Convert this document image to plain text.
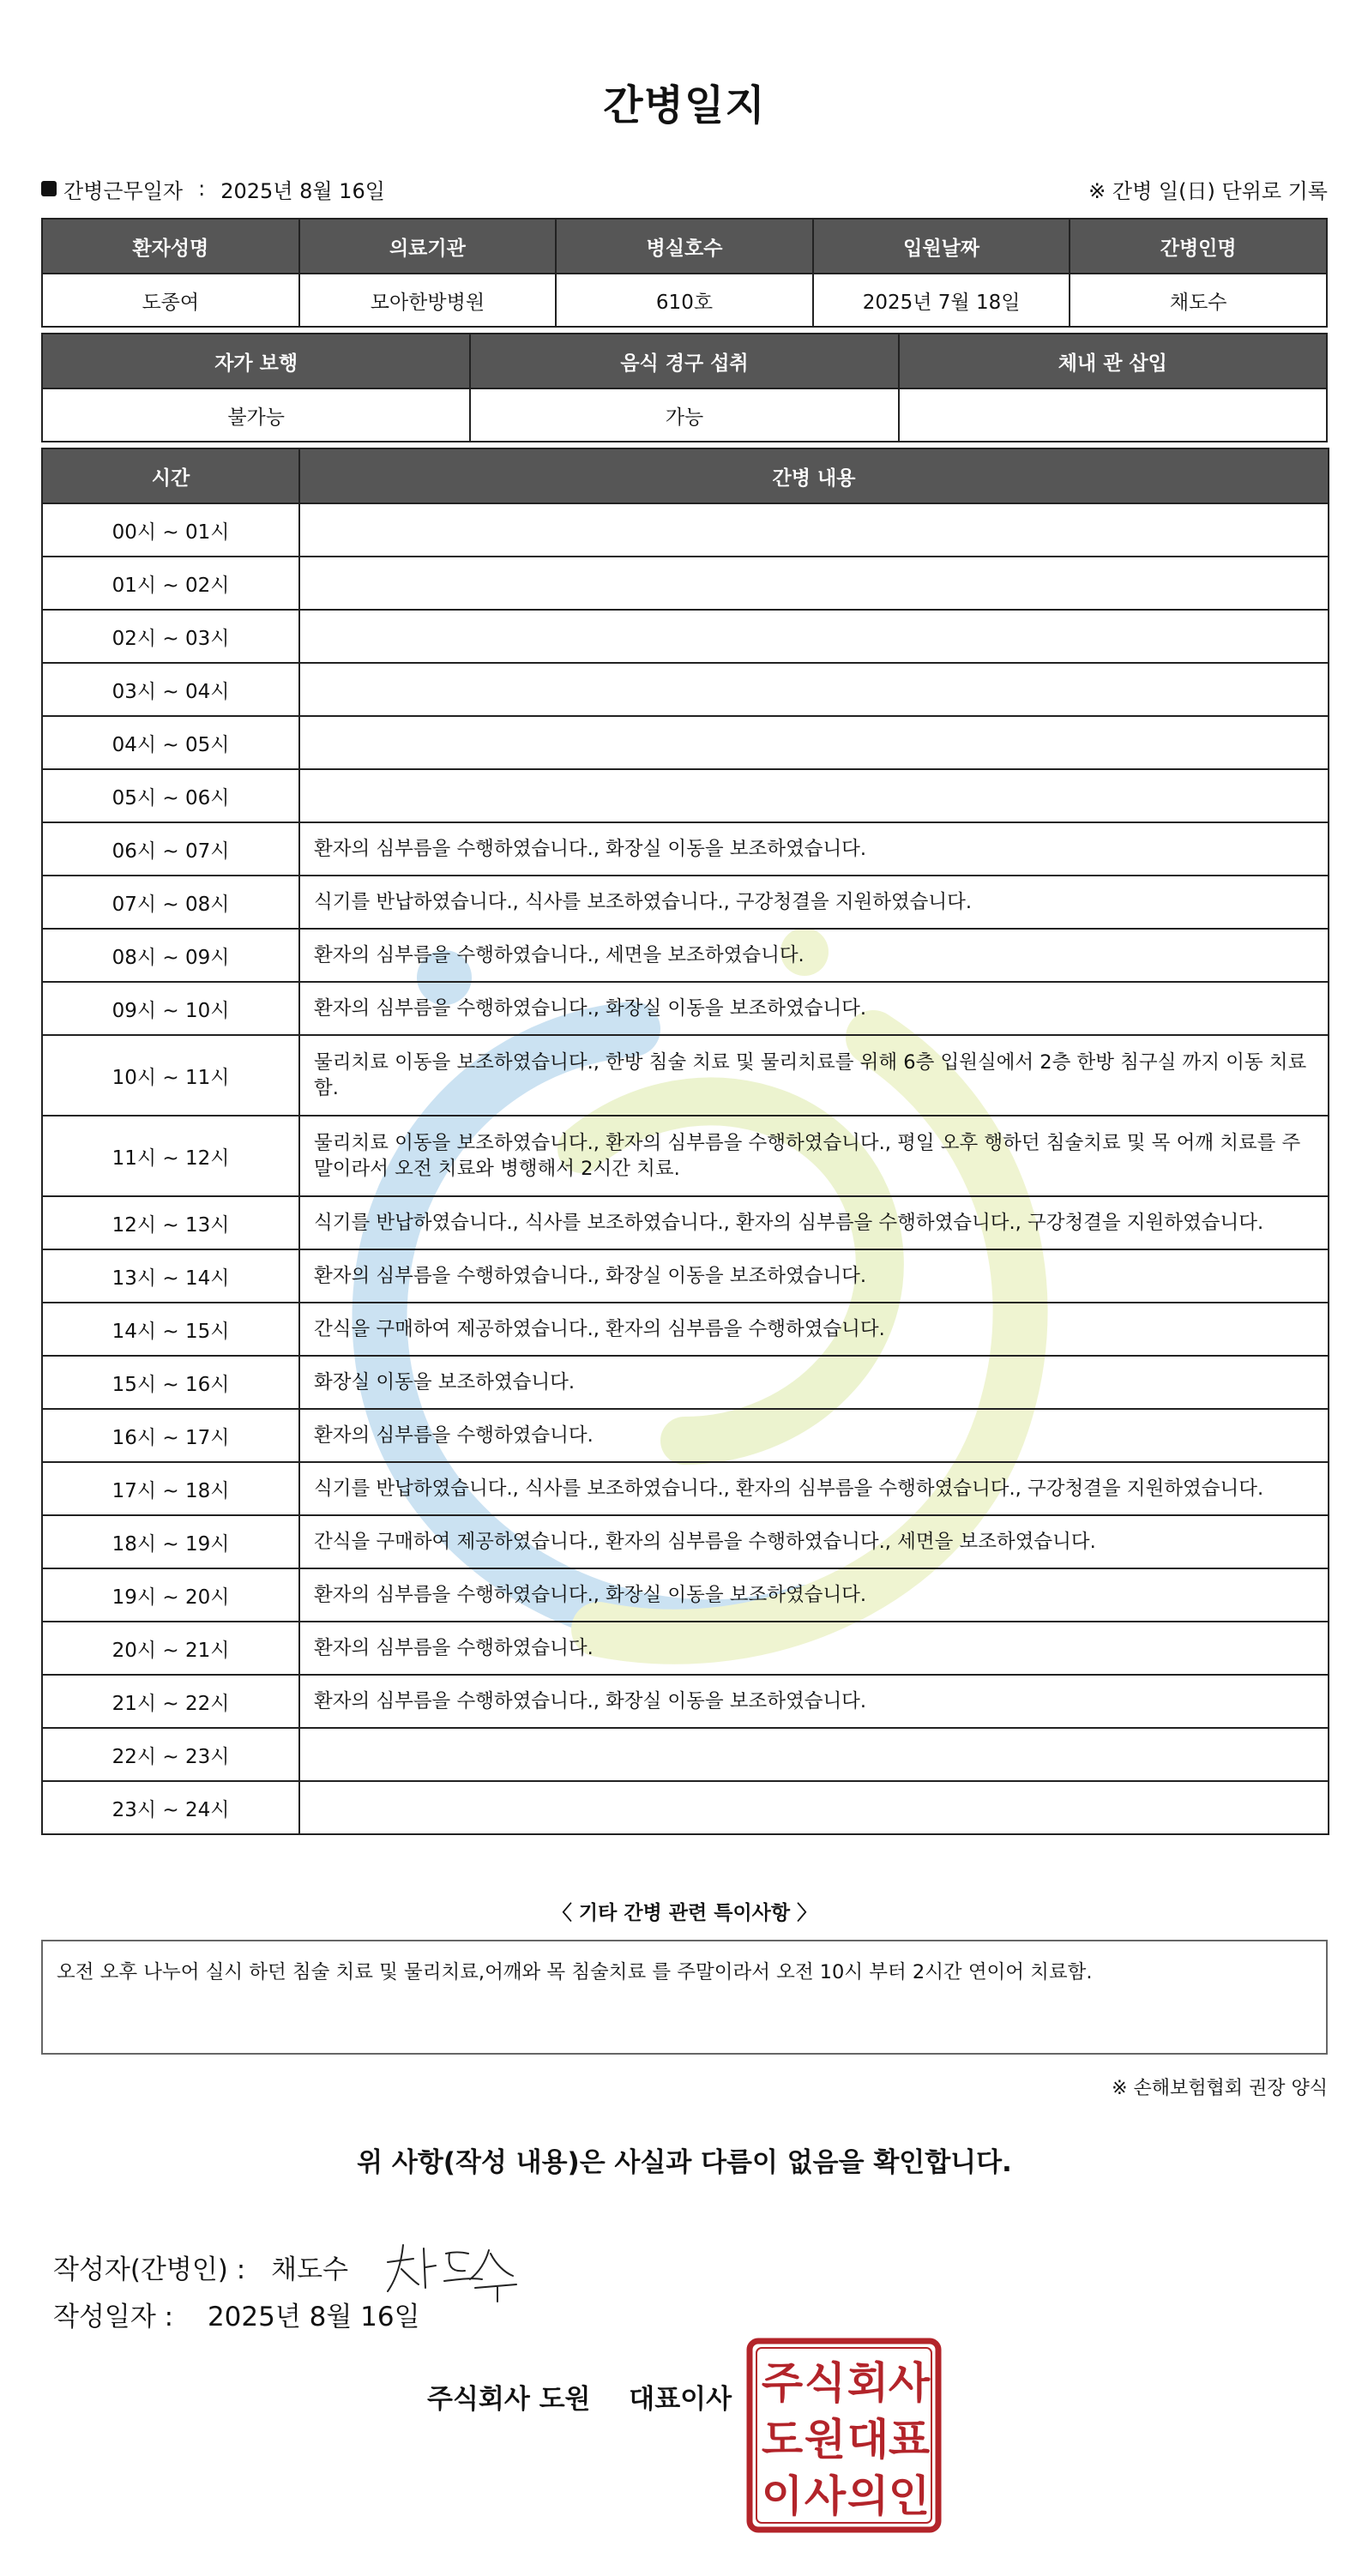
간병일지
간병근무일자 : 2025년 8월 16일	※ 간병 일(日) 단위로 기록
환자성명	의료기관	병실호수	입원날짜	간병인명
도종여	모아한방병원	610호	2025년 7월 18일	채도수
자가 보행	음식 경구 섭취	체내 관 삽입
불가능	가능	
시간	간병 내용
00시 ~ 01시	
01시 ~ 02시	
02시 ~ 03시	
03시 ~ 04시	
04시 ~ 05시	
05시 ~ 06시	
06시 ~ 07시	환자의 심부름을 수행하였습니다., 화장실 이동을 보조하였습니다.
07시 ~ 08시	식기를 반납하였습니다., 식사를 보조하였습니다., 구강청결을 지원하였습니다.
08시 ~ 09시	환자의 심부름을 수행하였습니다., 세면을 보조하였습니다.
09시 ~ 10시	환자의 심부름을 수행하였습니다., 화장실 이동을 보조하였습니다.
10시 ~ 11시	물리치료 이동을 보조하였습니다., 한방 침술 치료 및 물리치료를 위해 6층 입원실에서 2층 한방 침구실 까지 이동 치료함.
11시 ~ 12시	물리치료 이동을 보조하였습니다., 환자의 심부름을 수행하였습니다., 평일 오후 행하던 침술치료 및 목 어깨 치료를 주말이라서 오전 치료와 병행해서 2시간 치료.
12시 ~ 13시	식기를 반납하였습니다., 식사를 보조하였습니다., 환자의 심부름을 수행하였습니다., 구강청결을 지원하였습니다.
13시 ~ 14시	환자의 심부름을 수행하였습니다., 화장실 이동을 보조하였습니다.
14시 ~ 15시	간식을 구매하여 제공하였습니다., 환자의 심부름을 수행하였습니다.
15시 ~ 16시	화장실 이동을 보조하였습니다.
16시 ~ 17시	환자의 심부름을 수행하였습니다.
17시 ~ 18시	식기를 반납하였습니다., 식사를 보조하였습니다., 환자의 심부름을 수행하였습니다., 구강청결을 지원하였습니다.
18시 ~ 19시	간식을 구매하여 제공하였습니다., 환자의 심부름을 수행하였습니다., 세면을 보조하였습니다.
19시 ~ 20시	환자의 심부름을 수행하였습니다., 화장실 이동을 보조하였습니다.
20시 ~ 21시	환자의 심부름을 수행하였습니다.
21시 ~ 22시	환자의 심부름을 수행하였습니다., 화장실 이동을 보조하였습니다.
22시 ~ 23시	
23시 ~ 24시	
〈 기타 간병 관련 특이사항 〉
오전 오후 나누어 실시 하던 침술 치료 및 물리치료,어깨와 목 침술치료 를 주말이라서 오전 10시 부터 2시간 연이어 치료함.
※ 손해보험협회 권장 양식
위 사항(작성 내용)은 사실과 다름이 없음을 확인합니다.
작성자(간병인) : 채도수
작성일자 : 2025년 8월 16일
주식회사 도원 대표이사 주 식 회 사
도 원 대 표
이 사 의 인
